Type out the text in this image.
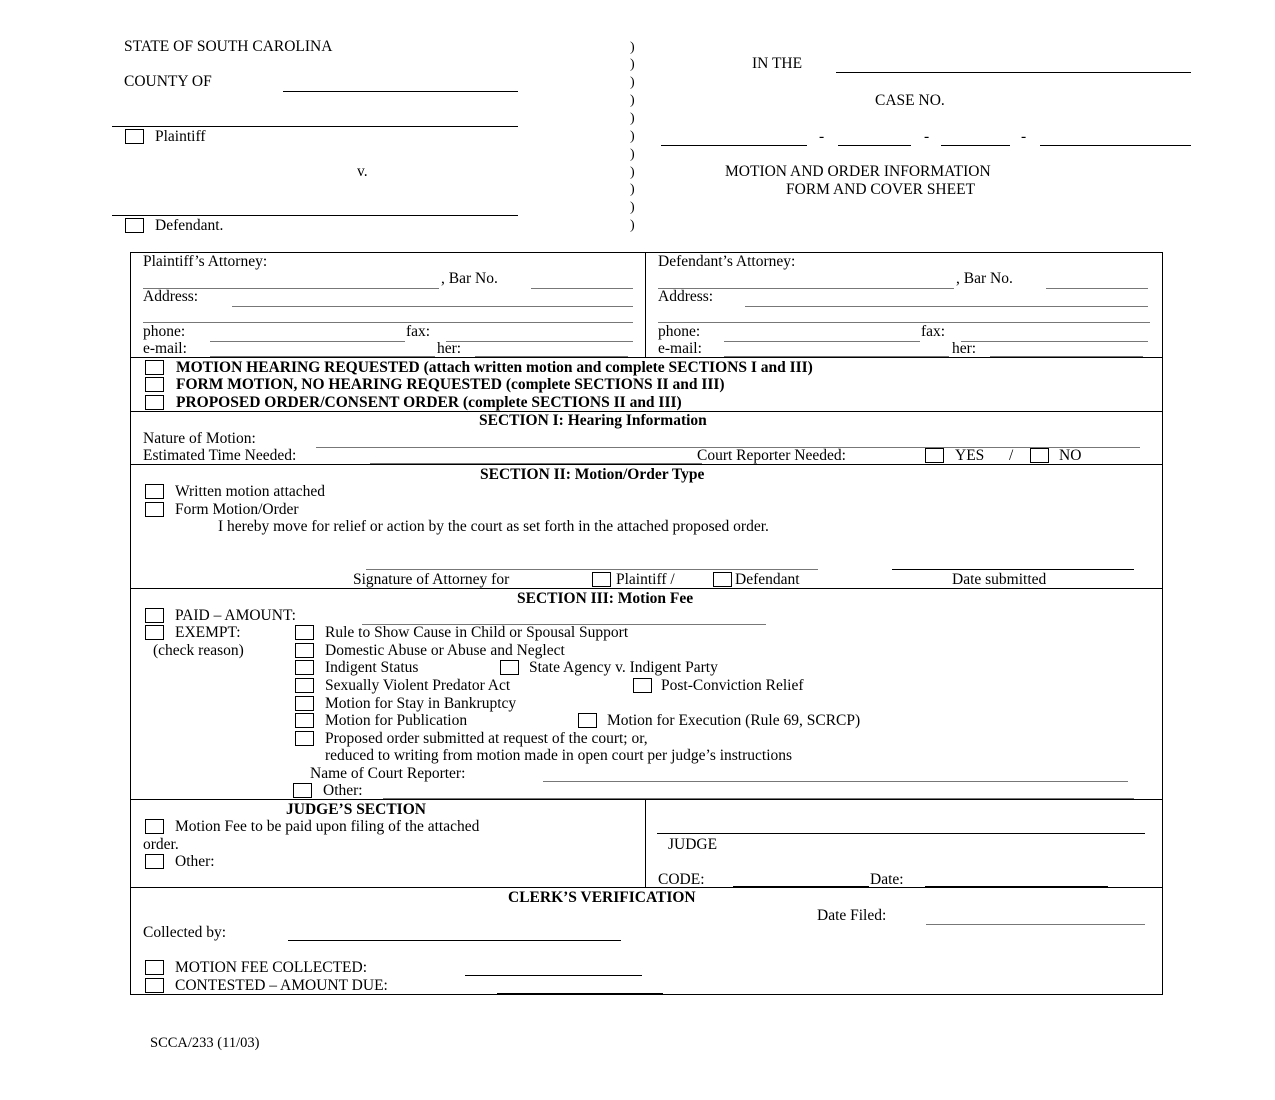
STATE OF SOUTH CAROLINA
COUNTY OF
Plaintiff
v.
Defendant.
)
)
)
)
)
)
)
)
)
)
)
IN THE
CASE NO.
-	-	-
MOTION AND ORDER INFORMATION
FORM AND COVER SHEET
Plaintiff’s Attorney:
, Bar No.
Address:
phone:	fax:
e-mail:	her:
Defendant’s Attorney:
, Bar No.
Address:
phone:	fax:
e-mail:	her:
MOTION HEARING REQUESTED (attach written motion and complete SECTIONS I and III)
FORM MOTION, NO HEARING REQUESTED (complete SECTIONS II and III)
PROPOSED ORDER/CONSENT ORDER (complete SECTIONS II and III)
SECTION I: Hearing Information
Nature of Motion:
Estimated Time Needed:	Court Reporter Needed:	YES /	NO
SECTION II: Motion/Order Type
Written motion attached
Form Motion/Order
I hereby move for relief or action by the court as set forth in the attached proposed order.
Signature of Attorney for	Plaintiff /	Defendant	Date submitted
SECTION III: Motion Fee
PAID – AMOUNT:
EXEMPT:
(check reason)
Rule to Show Cause in Child or Spousal Support
Domestic Abuse or Abuse and Neglect
Indigent Status	State Agency v. Indigent Party
Sexually Violent Predator Act	Post-Conviction Relief
Motion for Stay in Bankruptcy
Motion for Publication	Motion for Execution (Rule 69, SCRCP)
Proposed order submitted at request of the court; or,
reduced to writing from motion made in open court per judge’s instructions
Name of Court Reporter:
Other:
JUDGE’S SECTION
Motion Fee to be paid upon filing of the attached
order.
Other:
JUDGE
CODE:	Date:
CLERK’S VERIFICATION
Date Filed:
Collected by:
MOTION FEE COLLECTED:
CONTESTED – AMOUNT DUE:
SCCA/233 (11/03)
